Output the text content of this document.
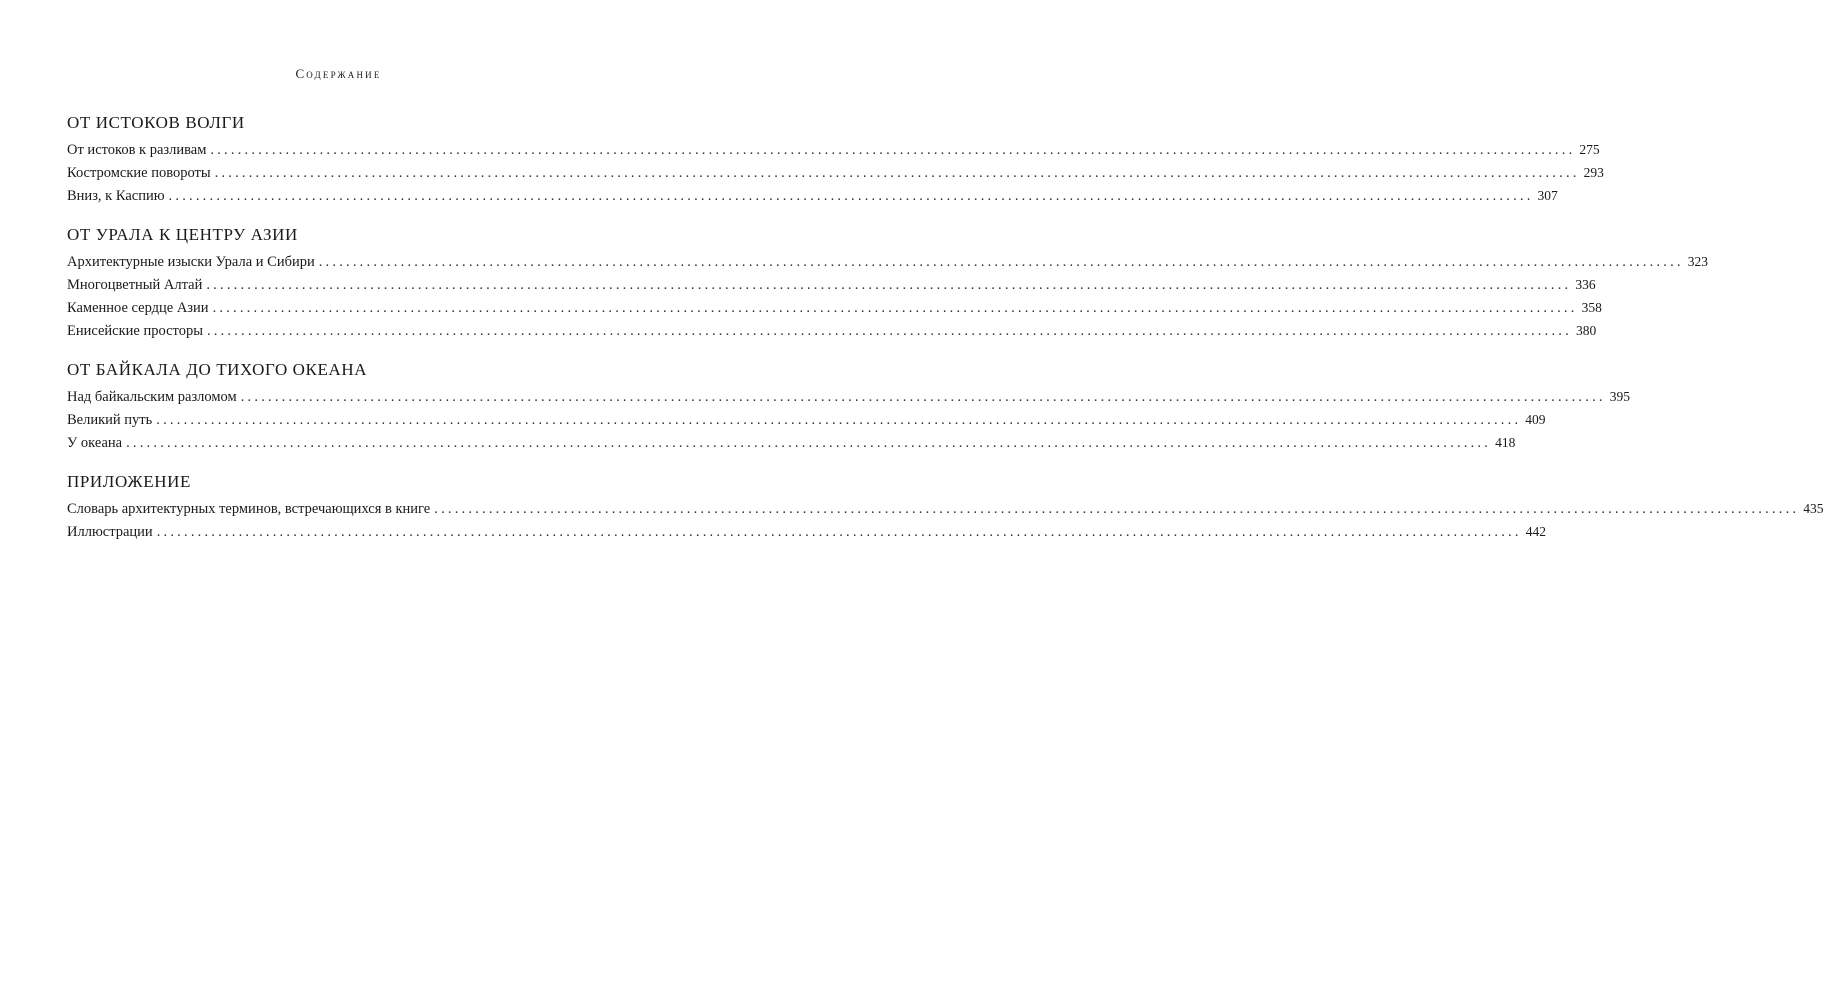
Содержание
ОТ ИСТОКОВ ВОЛГИ
От истоков к разливам ........................................................................................................................................................................................................ 275
Костромские повороты ........................................................................................................................................................................................................ 293
Вниз, к Каспию ........................................................................................................................................................................................................ 307
ОТ УРАЛА К ЦЕНТРУ АЗИИ
Архитектурные изыски Урала и Сибири ........................................................................................................................................................................................................ 323
Многоцветный Алтай ........................................................................................................................................................................................................ 336
Каменное сердце Азии ........................................................................................................................................................................................................ 358
Енисейские просторы ........................................................................................................................................................................................................ 380
ОТ БАЙКАЛА ДО ТИХОГО ОКЕАНА
Над байкальским разломом ........................................................................................................................................................................................................ 395
Великий путь ........................................................................................................................................................................................................ 409
У океана ........................................................................................................................................................................................................ 418
ПРИЛОЖЕНИЕ
Словарь архитектурных терминов, встречающихся в книге ........................................................................................................................................................................................................ 435
Иллюстрации ........................................................................................................................................................................................................ 442
